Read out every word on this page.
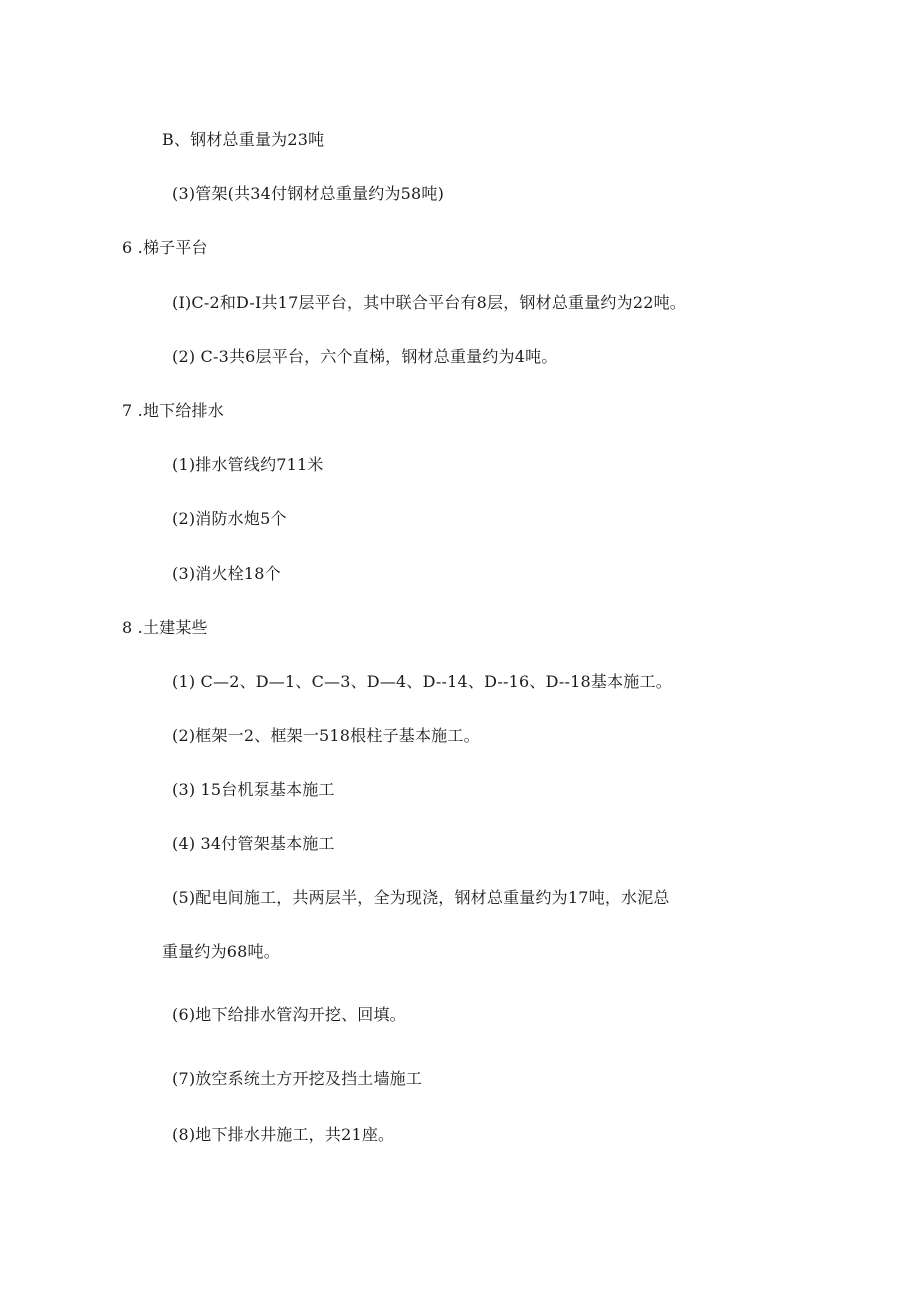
B、钢材总重量为23吨
(3)管架(共34付钢材总重量约为58吨)
6 .梯子平台
(I)C-2和D-I共17层平台，其中联合平台有8层，钢材总重量约为22吨。
(2) C-3共6层平台，六个直梯，钢材总重量约为4吨。
7 .地下给排水
(1)排水管线约711米
(2)消防水炮5个
(3)消火栓18个
8 .土建某些
(1) C—2、D—1、C—3、D—4、D--14、D--16、D--18基本施工。
(2)框架一2、框架一518根柱子基本施工。
(3) 15台机泵基本施工
(4) 34付管架基本施工
(5)配电间施工，共两层半，全为现浇，钢材总重量约为17吨，水泥总
重量约为68吨。
(6)地下给排水管沟开挖、回填。
(7)放空系统土方开挖及挡土墙施工
(8)地下排水井施工，共21座。
